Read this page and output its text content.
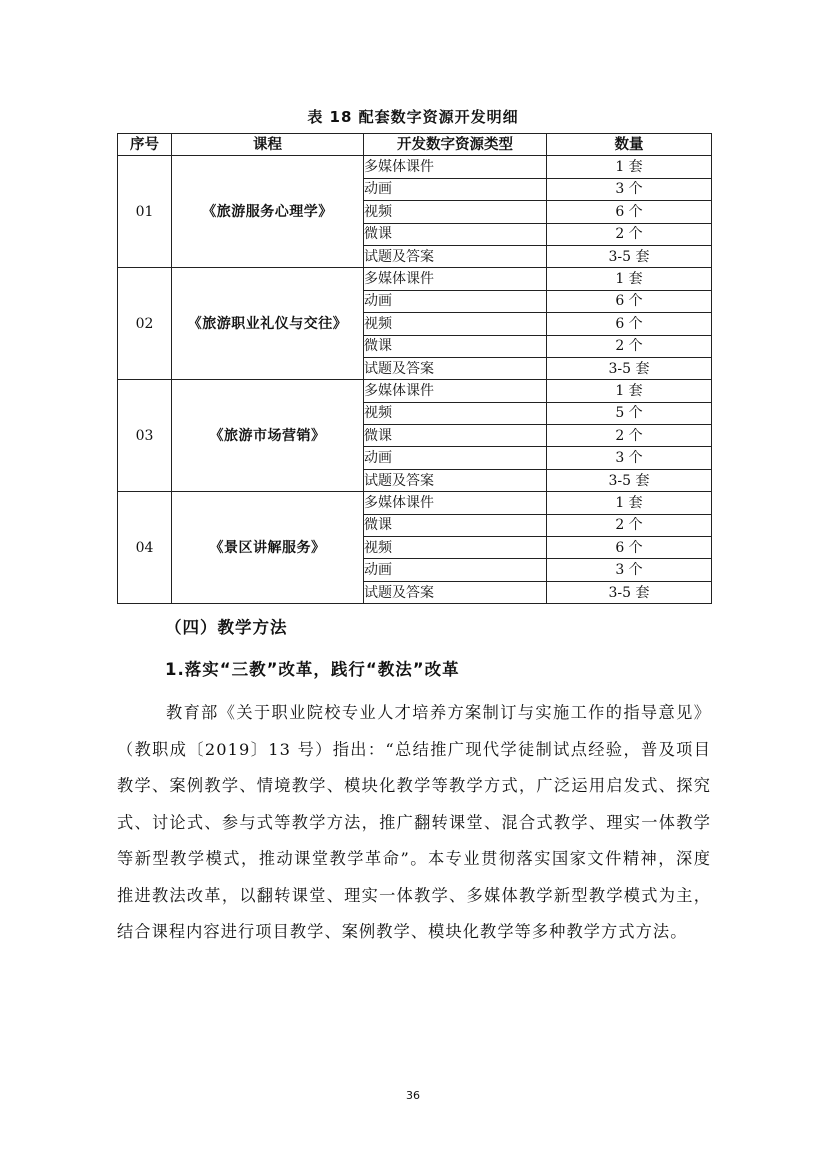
表 18 配套数字资源开发明细
序号	课程	开发数字资源类型	数量
01	《旅游服务心理学》	多媒体课件	1 套
		动画	3 个
		视频	6 个
		微课	2 个
		试题及答案	3-5 套
02	《旅游职业礼仪与交往》	多媒体课件	1 套
		动画	6 个
		视频	6 个
		微课	2 个
		试题及答案	3-5 套
03	《旅游市场营销》	多媒体课件	1 套
		视频	5 个
		微课	2 个
		动画	3 个
		试题及答案	3-5 套
04	《景区讲解服务》	多媒体课件	1 套
		微课	2 个
		视频	6 个
		动画	3 个
		试题及答案	3-5 套
（四）教学方法
1.落实“三教”改革，践行“教法”改革
教育部《关于职业院校专业人才培养方案制订与实施工作的指导意见》（教职成〔2019〕13 号）指出：“总结推广现代学徒制试点经验，普及项目教学、案例教学、情境教学、模块化教学等教学方式，广泛运用启发式、探究式、讨论式、参与式等教学方法，推广翻转课堂、混合式教学、理实一体教学等新型教学模式，推动课堂教学革命”。本专业贯彻落实国家文件精神，深度推进教法改革，以翻转课堂、理实一体教学、多媒体教学新型教学模式为主，结合课程内容进行项目教学、案例教学、模块化教学等多种教学方式方法。
36
